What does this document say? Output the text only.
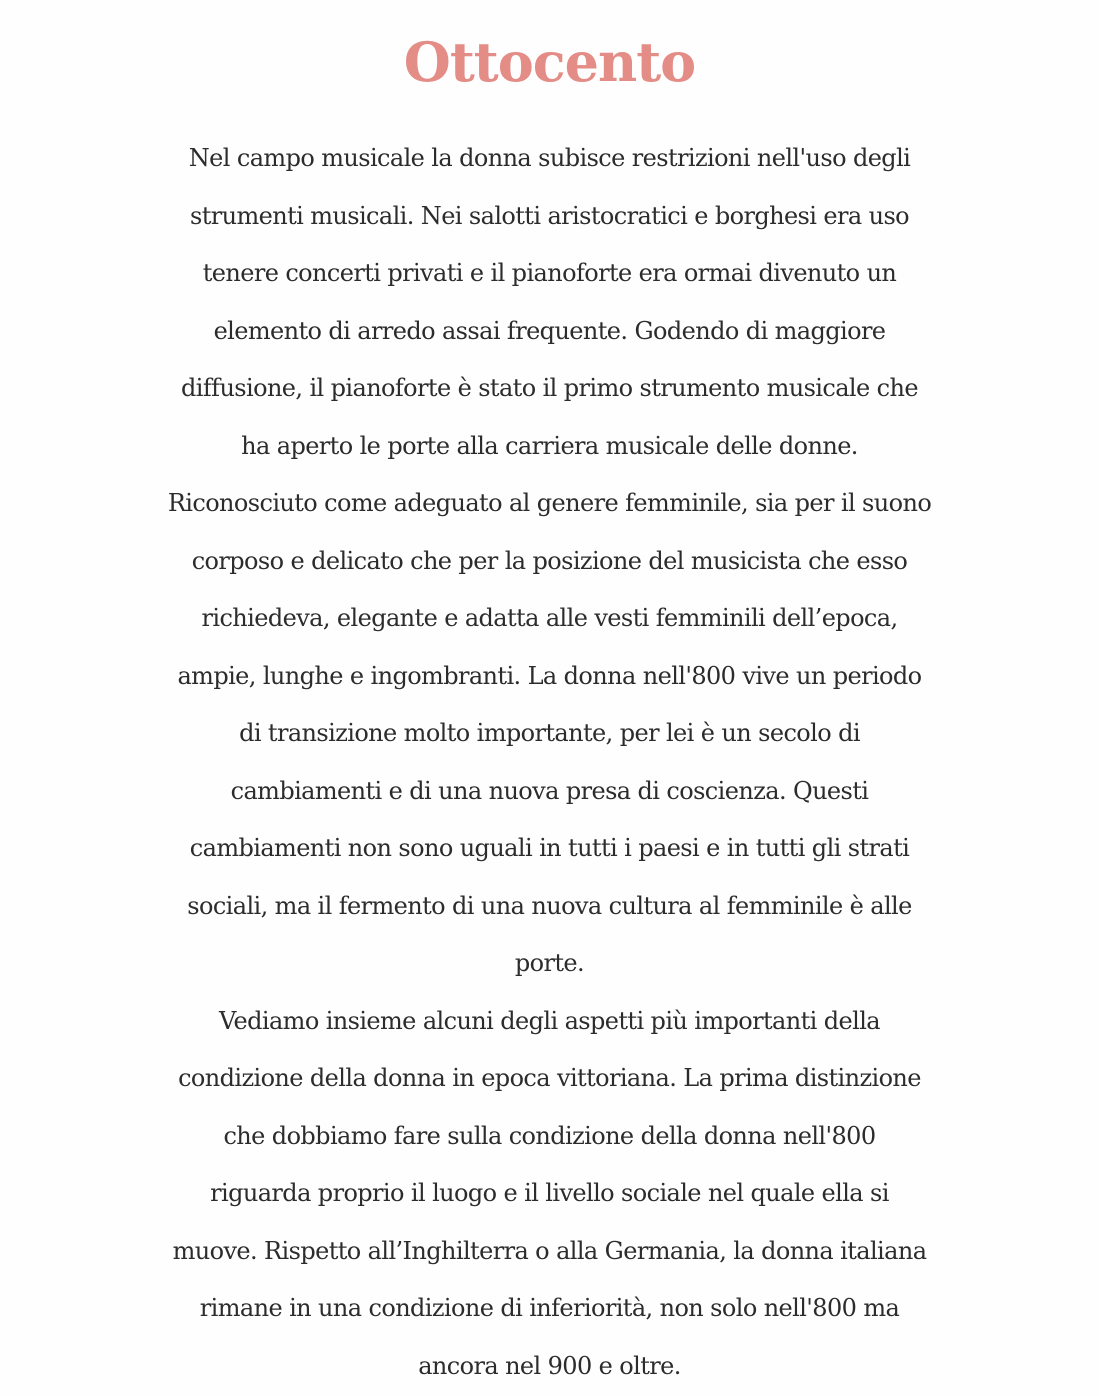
Ottocento
Nel campo musicale la donna subisce restrizioni nell'uso degli
strumenti musicali. Nei salotti aristocratici e borghesi era uso
tenere concerti privati e il pianoforte era ormai divenuto un
elemento di arredo assai frequente. Godendo di maggiore
diffusione, il pianoforte è stato il primo strumento musicale che
ha aperto le porte alla carriera musicale delle donne.
Riconosciuto come adeguato al genere femminile, sia per il suono
corposo e delicato che per la posizione del musicista che esso
richiedeva, elegante e adatta alle vesti femminili dell’epoca,
ampie, lunghe e ingombranti. La donna nell'800 vive un periodo
di transizione molto importante, per lei è un secolo di
cambiamenti e di una nuova presa di coscienza. Questi
cambiamenti non sono uguali in tutti i paesi e in tutti gli strati
sociali, ma il fermento di una nuova cultura al femminile è alle
porte.
Vediamo insieme alcuni degli aspetti più importanti della
condizione della donna in epoca vittoriana. La prima distinzione
che dobbiamo fare sulla condizione della donna nell'800
riguarda proprio il luogo e il livello sociale nel quale ella si
muove. Rispetto all’Inghilterra o alla Germania, la donna italiana
rimane in una condizione di inferiorità, non solo nell'800 ma
ancora nel 900 e oltre.
